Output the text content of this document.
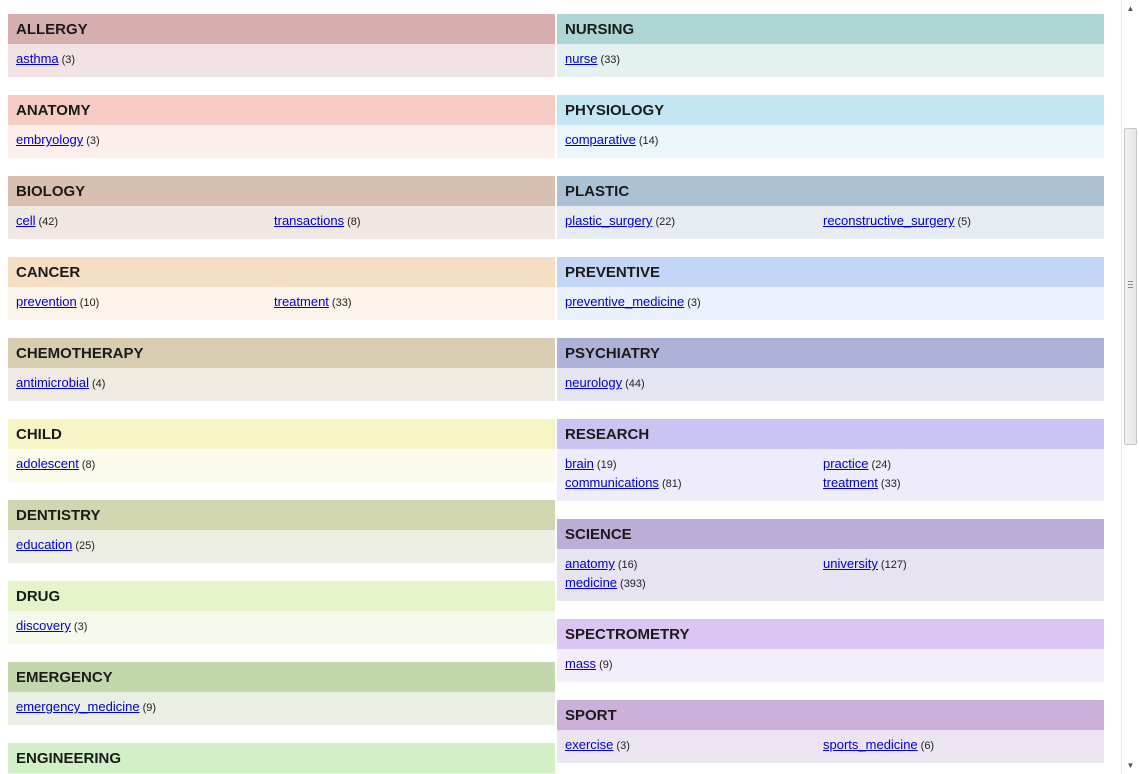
ALLERGY
asthma (3)
ANATOMY
embryology (3)
BIOLOGY
cell (42)	transactions (8)
CANCER
prevention (10)	treatment (33)
CHEMOTHERAPY
antimicrobial (4)
CHILD
adolescent (8)
DENTISTRY
education (25)
DRUG
discovery (3)
EMERGENCY
emergency_medicine (9)
ENGINEERING
NURSING
nurse (33)
PHYSIOLOGY
comparative (14)
PLASTIC
plastic_surgery (22)	reconstructive_surgery (5)
PREVENTIVE
preventive_medicine (3)
PSYCHIATRY
neurology (44)
RESEARCH
brain (19)	practice (24)
communications (81)	treatment (33)
SCIENCE
anatomy (16)	university (127)
medicine (393)
SPECTROMETRY
mass (9)
SPORT
exercise (3)	sports_medicine (6)
▲
▼
